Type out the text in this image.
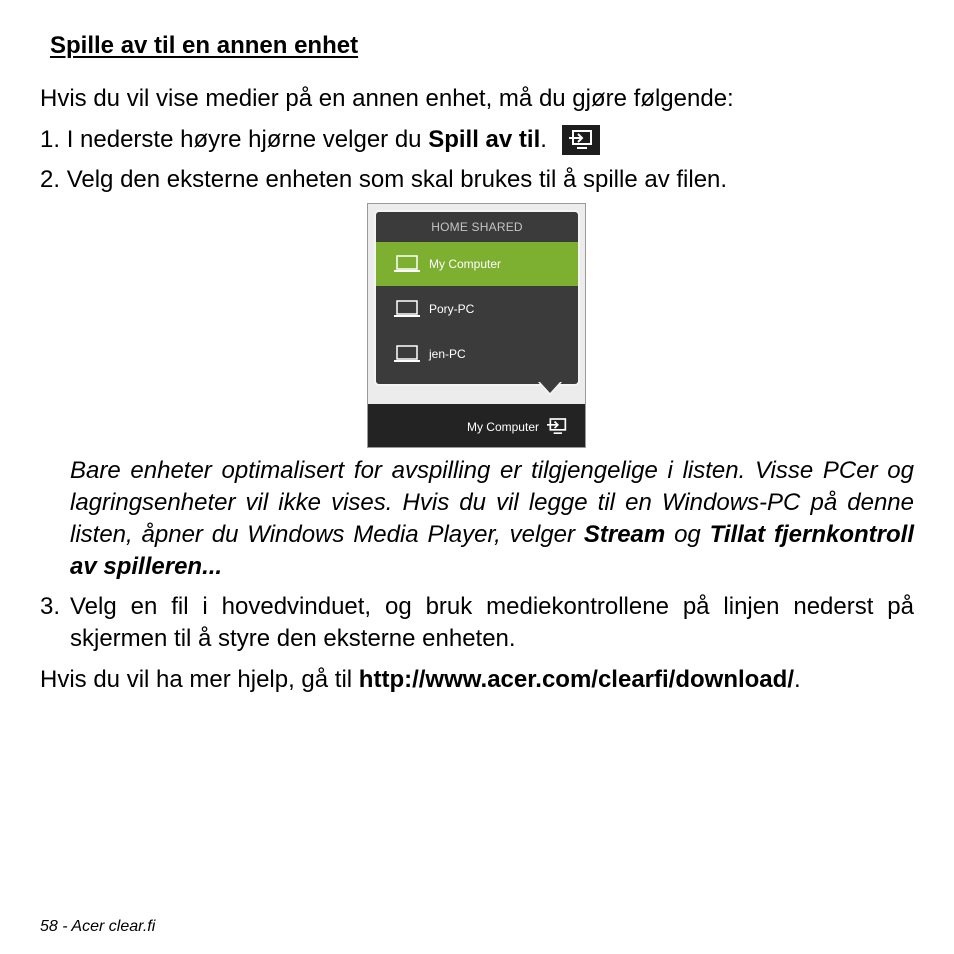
Spille av til en annen enhet

Hvis du vil vise medier på en annen enhet, må du gjøre følgende:

1. I nederste høyre hjørne velger du Spill av til.

2. Velg den eksterne enheten som skal brukes til å spille av filen.

HOME SHARED
My Computer
Pory-PC
jen-PC
My Computer

Bare enheter optimalisert for avspilling er tilgjengelige i listen. Visse PCer og lagringsenheter vil ikke vises. Hvis du vil legge til en Windows-PC på denne listen, åpner du Windows Media Player, velger Stream og Tillat fjernkontroll av spilleren...

3. Velg en fil i hovedvinduet, og bruk mediekontrollene på linjen nederst på skjermen til å styre den eksterne enheten.

Hvis du vil ha mer hjelp, gå til http://www.acer.com/clearfi/download/.

58 - Acer clear.fi
